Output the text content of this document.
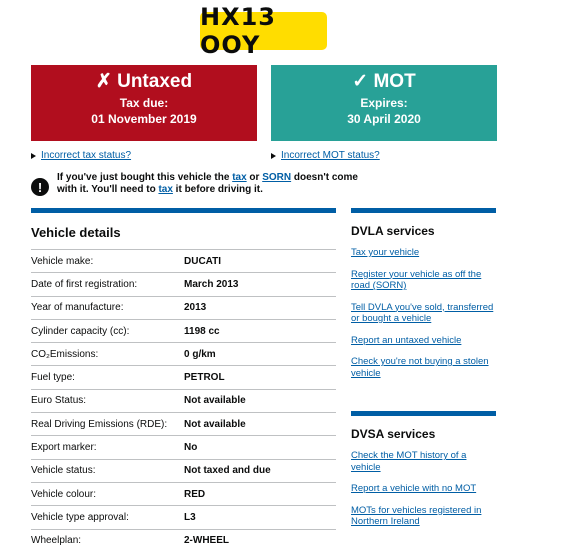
HX13 OOY
✗ Untaxed
Tax due:
01 November 2019
✓ MOT
Expires:
30 April 2020
Incorrect tax status?	Incorrect MOT status?
!
If you've just bought this vehicle the tax or SORN doesn't come with it. You'll need to tax it before driving it.
Vehicle details
Vehicle make:	DUCATI
Date of first registration:	March 2013
Year of manufacture:	2013
Cylinder capacity (cc):	1198 cc
CO₂Emissions:	0 g/km
Fuel type:	PETROL
Euro Status:	Not available
Real Driving Emissions (RDE):	Not available
Export marker:	No
Vehicle status:	Not taxed and due
Vehicle colour:	RED
Vehicle type approval:	L3
Wheelplan:	2-WHEEL
DVLA services
Tax your vehicle
Register your vehicle as off the road (SORN)
Tell DVLA you've sold, transferred or bought a vehicle
Report an untaxed vehicle
Check you're not buying a stolen vehicle
DVSA services
Check the MOT history of a vehicle
Report a vehicle with no MOT
MOTs for vehicles registered in Northern Ireland
